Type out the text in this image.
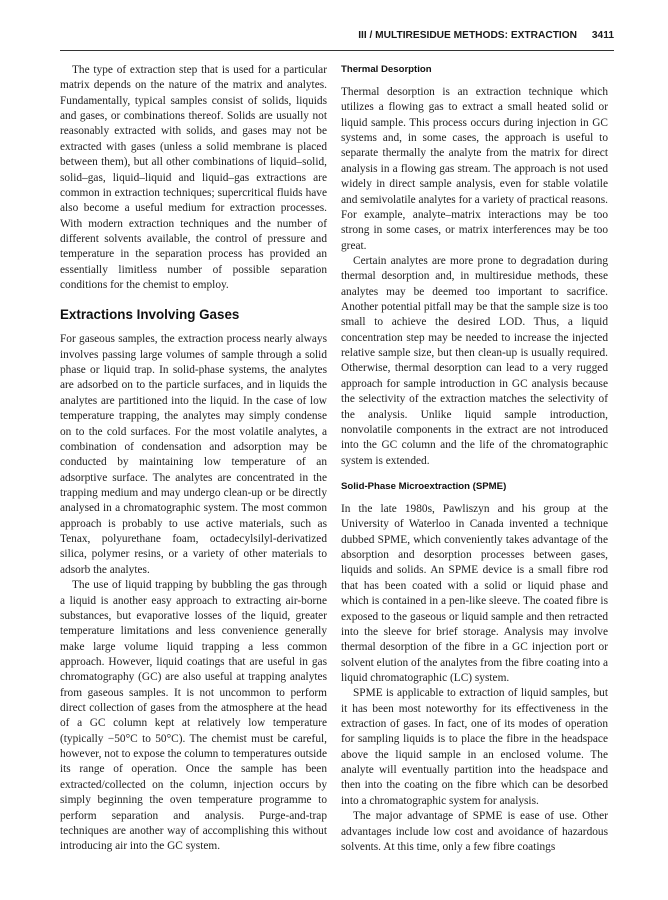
III / MULTIRESIDUE METHODS: EXTRACTION 3411

The type of extraction step that is used for a particular matrix depends on the nature of the matrix and analytes. Fundamentally, typical samples consist of solids, liquids and gases, or combinations thereof. Solids are usually not reasonably extracted with solids, and gases may not be extracted with gases (unless a solid membrane is placed between them), but all other combinations of liquid–solid, solid–gas, liquid–liquid and liquid–gas extractions are common in extraction techniques; supercritical fluids have also become a useful medium for extraction processes. With modern extraction techniques and the number of different solvents available, the control of pressure and temperature in the separation process has provided an essentially limitless number of possible separation conditions for the chemist to employ.

Extractions Involving Gases

For gaseous samples, the extraction process nearly always involves passing large volumes of sample through a solid phase or liquid trap. In solid-phase systems, the analytes are adsorbed on to the particle surfaces, and in liquids the analytes are partitioned into the liquid. In the case of low temperature trapping, the analytes may simply condense on to the cold surfaces. For the most volatile analytes, a combination of condensation and adsorption may be conducted by maintaining low temperature of an adsorptive surface. The analytes are concentrated in the trapping medium and may undergo clean-up or be directly analysed in a chromatographic system. The most common approach is probably to use active materials, such as Tenax, polyurethane foam, octadecylsilyl-derivatized silica, polymer resins, or a variety of other materials to adsorb the analytes.

The use of liquid trapping by bubbling the gas through a liquid is another easy approach to extracting air-borne substances, but evaporative losses of the liquid, greater temperature limitations and less convenience generally make large volume liquid trapping a less common approach. However, liquid coatings that are useful in gas chromatography (GC) are also useful at trapping analytes from gaseous samples. It is not uncommon to perform direct collection of gases from the atmosphere at the head of a GC column kept at relatively low temperature (typically −50°C to 50°C). The chemist must be careful, however, not to expose the column to temperatures outside its range of operation. Once the sample has been extracted/collected on the column, injection occurs by simply beginning the oven temperature programme to perform separation and analysis. Purge-and-trap techniques are another way of accomplishing this without introducing air into the GC system.

Thermal Desorption

Thermal desorption is an extraction technique which utilizes a flowing gas to extract a small heated solid or liquid sample. This process occurs during injection in GC systems and, in some cases, the approach is useful to separate thermally the analyte from the matrix for direct analysis in a flowing gas stream. The approach is not used widely in direct sample analysis, even for stable volatile and semivolatile analytes for a variety of practical reasons. For example, analyte–matrix interactions may be too strong in some cases, or matrix interferences may be too great.

Certain analytes are more prone to degradation during thermal desorption and, in multiresidue methods, these analytes may be deemed too important to sacrifice. Another potential pitfall may be that the sample size is too small to achieve the desired LOD. Thus, a liquid concentration step may be needed to increase the injected relative sample size, but then clean-up is usually required. Otherwise, thermal desorption can lead to a very rugged approach for sample introduction in GC analysis because the selectivity of the extraction matches the selectivity of the analysis. Unlike liquid sample introduction, nonvolatile components in the extract are not introduced into the GC column and the life of the chromatographic system is extended.

Solid-Phase Microextraction (SPME)

In the late 1980s, Pawliszyn and his group at the University of Waterloo in Canada invented a technique dubbed SPME, which conveniently takes advantage of the absorption and desorption processes between gases, liquids and solids. An SPME device is a small fibre rod that has been coated with a solid or liquid phase and which is contained in a pen-like sleeve. The coated fibre is exposed to the gaseous or liquid sample and then retracted into the sleeve for brief storage. Analysis may involve thermal desorption of the fibre in a GC injection port or solvent elution of the analytes from the fibre coating into a liquid chromatographic (LC) system.

SPME is applicable to extraction of liquid samples, but it has been most noteworthy for its effectiveness in the extraction of gases. In fact, one of its modes of operation for sampling liquids is to place the fibre in the headspace above the liquid sample in an enclosed volume. The analyte will eventually partition into the headspace and then into the coating on the fibre which can be desorbed into a chromatographic system for analysis.

The major advantage of SPME is ease of use. Other advantages include low cost and avoidance of hazardous solvents. At this time, only a few fibre coatings
